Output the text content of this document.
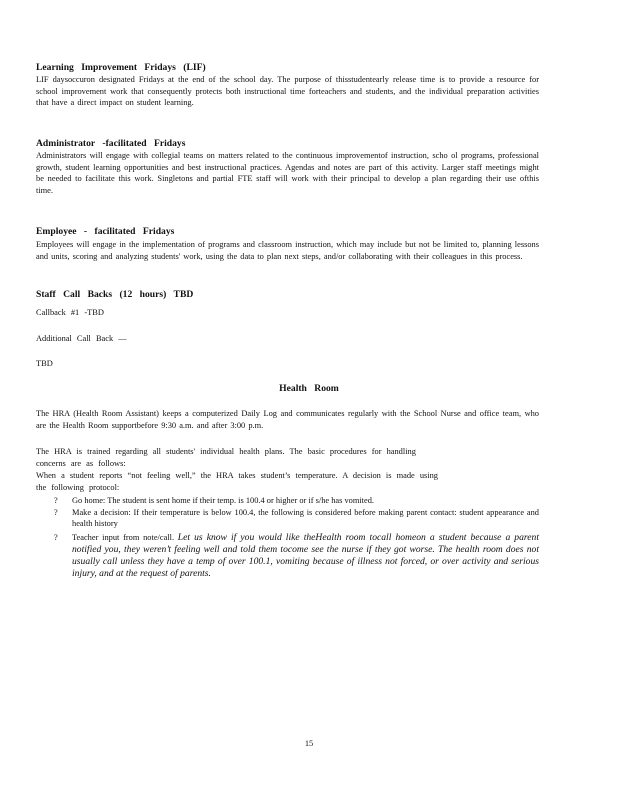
Learning Improvement Fridays (LIF)
LIF daysoccuron designated Fridays at the end of the school day. The purpose of thisstudentearly release time is to provide a resource for school improvement work that consequently protects both instructional time forteachers and students, and the individual preparation activities that have a direct impact on student learning.
Administrator -facilitated Fridays
Administrators will engage with collegial teams on matters related to the continuous improvementof instruction, scho ol programs, professional growth, student learning opportunities and best instructional practices. Agendas and notes are part of this activity. Larger staff meetings might be needed to facilitate this work. Singletons and partial FTE staff will work with their principal to develop a plan regarding their use ofthis time.
Employee - facilitated Fridays
Employees will engage in the implementation of programs and classroom instruction, which may include but not be limited to, planning lessons and units, scoring and analyzing students' work, using the data to plan next steps, and/or collaborating with their colleagues in this process.
Staff Call Backs (12 hours) TBD
Callback #1 -TBD
Additional Call Back —
TBD
Health Room
The HRA (Health Room Assistant) keeps a computerized Daily Log and communicates regularly with the School Nurse and office team, who are the Health Room supportbefore 9:30 a.m. and after 3:00 p.m.
The HRA is trained regarding all students' individual health plans. The basic procedures for handling
concerns are as follows:
When a student reports “not feeling well,” the HRA takes student’s temperature. A decision is made using
the following protocol:
? Go home: The student is sent home if their temp. is 100.4 or higher or if s/he has vomited.
? Make a decision: If their temperature is below 100.4, the following is considered before making parent contact: student appearance and health history
? Teacher input from note/call. Let us know if you would like theHealth room tocall homeon a student because a parent notified you, they weren’t feeling well and told them tocome see the nurse if they got worse. The health room does not usually call unless they have a temp of over 100.1, vomiting because of illness not forced, or over activity and serious injury, and at the request of parents.
15
